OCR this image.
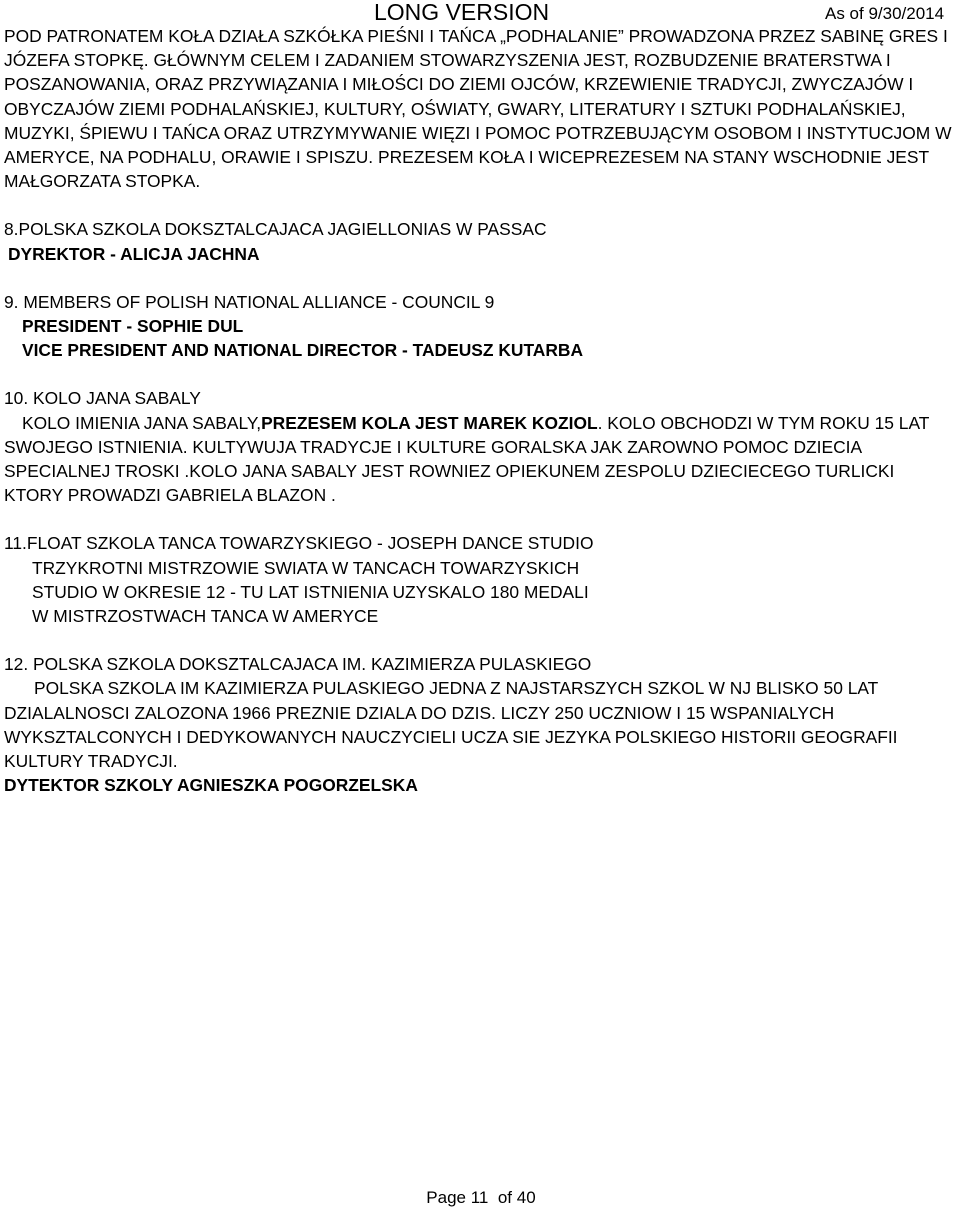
LONG VERSION	As of 9/30/2014

POD PATRONATEM KOŁA DZIAŁA SZKÓŁKA PIEŚNI I TAŃCA „PODHALANIE” PROWADZONA PRZEZ SABINĘ GRES I JÓZEFA STOPKĘ. GŁÓWNYM CELEM I ZADANIEM STOWARZYSZENIA JEST, ROZBUDZENIE BRATERSTWA I POSZANOWANIA, ORAZ PRZYWIĄZANIA I MIŁOŚCI DO ZIEMI OJCÓW, KRZEWIENIE TRADYCJI, ZWYCZAJÓW I OBYCZAJÓW ZIEMI PODHALAŃSKIEJ, KULTURY, OŚWIATY, GWARY, LITERATURY I SZTUKI PODHALAŃSKIEJ, MUZYKI, ŚPIEWU I TAŃCA ORAZ UTRZYMYWANIE WIĘZI I POMOC POTRZEBUJĄCYM OSOBOM I INSTYTUCJOM W AMERYCE, NA PODHALU, ORAWIE I SPISZU. PREZESEM KOŁA I WICEPREZESEM NA STANY WSCHODNIE JEST MAŁGORZATA STOPKA.

8.POLSKA SZKOLA DOKSZTALCAJACA JAGIELLONIAS W PASSAC

DYREKTOR - ALICJA JACHNA

9. MEMBERS OF POLISH NATIONAL ALLIANCE - COUNCIL 9

PRESIDENT - SOPHIE DUL

VICE PRESIDENT AND NATIONAL DIRECTOR - TADEUSZ KUTARBA

10. KOLO JANA SABALY

KOLO IMIENIA JANA SABALY,PREZESEM KOLA JEST MAREK KOZIOL. KOLO OBCHODZI W TYM ROKU 15 LAT SWOJEGO ISTNIENIA. KULTYWUJA TRADYCJE I KULTURE GORALSKA JAK ZAROWNO POMOC DZIECIA SPECIALNEJ TROSKI .KOLO JANA SABALY JEST ROWNIEZ OPIEKUNEM ZESPOLU DZIECIECEGO TURLICKI KTORY PROWADZI GABRIELA BLAZON .

11.FLOAT SZKOLA TANCA TOWARZYSKIEGO - JOSEPH DANCE STUDIO

TRZYKROTNI MISTRZOWIE SWIATA W TANCACH TOWARZYSKICH

STUDIO W OKRESIE 12 - TU LAT ISTNIENIA UZYSKALO 180 MEDALI

W MISTRZOSTWACH TANCA W AMERYCE

12. POLSKA SZKOLA DOKSZTALCAJACA IM. KAZIMIERZA PULASKIEGO

POLSKA SZKOLA IM KAZIMIERZA PULASKIEGO JEDNA Z NAJSTARSZYCH SZKOL W NJ BLISKO 50 LAT DZIALALNOSCI ZALOZONA 1966 PREZNIE DZIALA DO DZIS. LICZY 250 UCZNIOW I 15 WSPANIALYCH WYKSZTALCONYCH I DEDYKOWANYCH NAUCZYCIELI UCZA SIE JEZYKA POLSKIEGO HISTORII GEOGRAFII KULTURY TRADYCJI.

DYTEKTOR SZKOLY AGNIESZKA POGORZELSKA

Page 11 of 40
